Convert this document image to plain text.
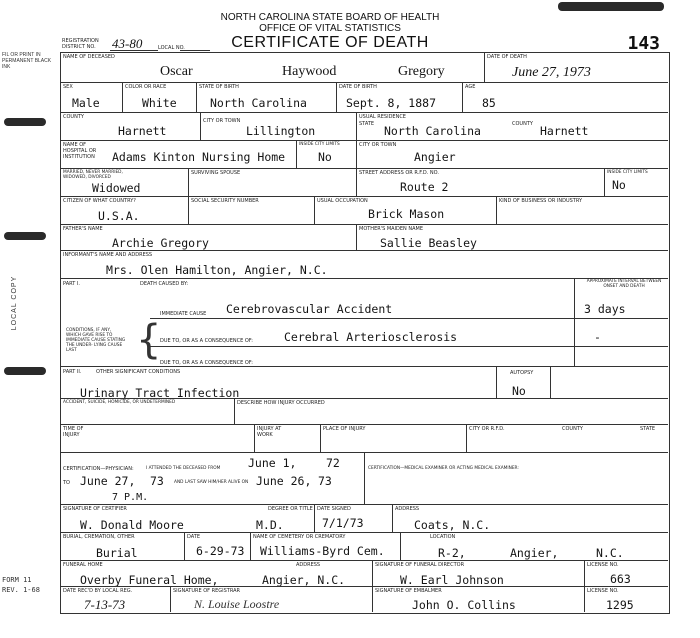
NORTH CAROLINA STATE BOARD OF HEALTH
OFFICE OF VITAL STATISTICS
CERTIFICATE OF DEATH	143
REGISTRATION DISTRICT NO.	43-80	LOCAL NO.
FIL OR PRINT IN PERMANENT BLACK INK
LOCAL COPY
FORM 11
REV. 1-68
NAME OF DECEASED
Oscar	Haywood	Gregory
DATE OF DEATH
June 27, 1973
SEX
Male
COLOR OR RACE
White
STATE OF BIRTH
North Carolina
DATE OF BIRTH
Sept. 8, 1887
AGE
85
COUNTY
Harnett
CITY OR TOWN
Lillington
USUAL RESIDENCE
STATE North Carolina	COUNTY Harnett
NAME OF HOSPITAL OR INSTITUTION	Adams Kinton Nursing Home
INSIDE CITY LIMITS
No
CITY OR TOWN
Angier
MARRIED, NEVER MARRIED, WIDOWED, DIVORCED
Widowed
SURVIVING SPOUSE	STREET ADDRESS OR R.F.D. NO.
Route 2
INSIDE CITY LIMITS
No
CITIZEN OF WHAT COUNTRY?
U.S.A.
SOCIAL SECURITY NUMBER	USUAL OCCUPATION
Brick Mason
KIND OF BUSINESS OR INDUSTRY
FATHER'S NAME
Archie Gregory
MOTHER'S MAIDEN NAME
Sallie Beasley
INFORMANT'S NAME AND ADDRESS
Mrs. Olen Hamilton, Angier, N.C.
PART I.	DEATH CAUSED BY:	APPROXIMATE INTERVAL BETWEEN ONSET AND DEATH
IMMEDIATE CAUSE Cerebrovascular Accident	3 days
CONDITIONS, IF ANY, WHICH GAVE RISE TO IMMEDIATE CAUSE STATING THE UNDER- LYING CAUSE LAST	{
DUE TO, OR AS A CONSEQUENCE OF:	Cerebral Arteriosclerosis	-
DUE TO, OR AS A CONSEQUENCE OF:
PART II.	OTHER SIGNIFICANT CONDITIONS
Urinary Tract Infection
AUTOPSY
No
ACCIDENT, SUICIDE, HOMICIDE, OR UNDETERMINED	DESCRIBE HOW INJURY OCCURRED
TIME OF INJURY
INJURY AT WORK
PLACE OF INJURY	CITY OR R.F.D.	COUNTY	STATE
CERTIFICATION—PHYSICIAN:	I ATTENDED THE DECEASED FROM June 1,	72
TO June 27, 73 AND LAST SAW HIM/HER ALIVE ON June 26, 73
7 P.M.
CERTIFICATION—MEDICAL EXAMINER OR ACTING MEDICAL EXAMINER:
SIGNATURE OF CERTIFIER
W. Donald Moore
DEGREE OR TITLE
M.D.
DATE SIGNED
7/1/73
ADDRESS
Coats, N.C.
BURIAL, CREMATION, OTHER
Burial
DATE
6-29-73
NAME OF CEMETERY OR CREMATORY
Williams-Byrd Cem.
LOCATION
R-2,	Angier,	N.C.
FUNERAL HOME	ADDRESS
Overby Funeral Home,	Angier, N.C.
SIGNATURE OF FUNERAL DIRECTOR
W. Earl Johnson
LICENSE NO.
663
DATE REC'D BY LOCAL REG.
7-13-73
SIGNATURE OF REGISTRAR
N. Louise Loostre
SIGNATURE OF EMBALMER
John O. Collins
LICENSE NO.
1295
